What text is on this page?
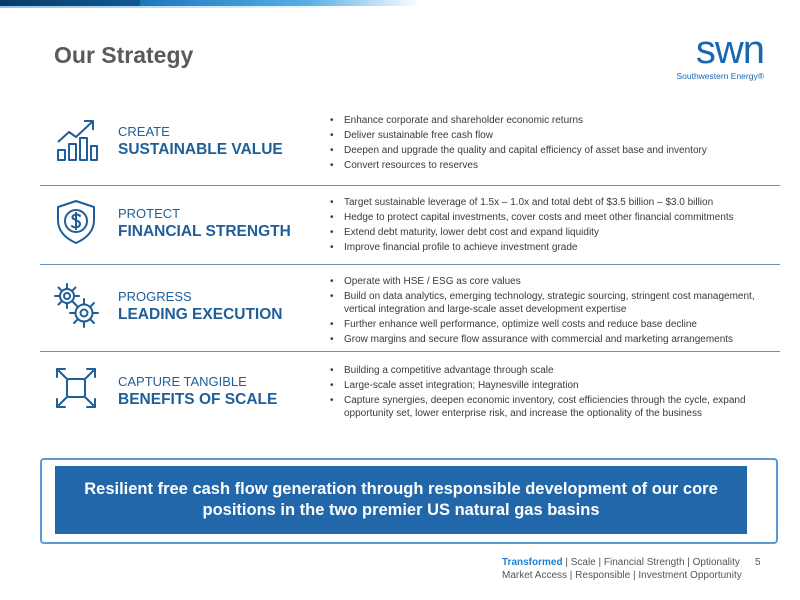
Our Strategy	swn
Southwestern Energy®
CREATE
SUSTAINABLE VALUE
• Enhance corporate and shareholder economic returns
• Deliver sustainable free cash flow
• Deepen and upgrade the quality and capital efficiency of asset base and inventory
• Convert resources to reserves
PROTECT
FINANCIAL STRENGTH
• Target sustainable leverage of 1.5x – 1.0x and total debt of $3.5 billion – $3.0 billion
• Hedge to protect capital investments, cover costs and meet other financial commitments
• Extend debt maturity, lower debt cost and expand liquidity
• Improve financial profile to achieve investment grade
PROGRESS
LEADING EXECUTION
• Operate with HSE / ESG as core values
• Build on data analytics, emerging technology, strategic sourcing, stringent cost management, vertical integration and large-scale asset development expertise
• Further enhance well performance, optimize well costs and reduce base decline
• Grow margins and secure flow assurance with commercial and marketing arrangements
CAPTURE TANGIBLE
BENEFITS OF SCALE
• Building a competitive advantage through scale
• Large-scale asset integration; Haynesville integration
• Capture synergies, deepen economic inventory, cost efficiencies through the cycle, expand opportunity set, lower enterprise risk, and increase the optionality of the business
Resilient free cash flow generation through responsible development of our core positions in the two premier US natural gas basins
Transformed | Scale | Financial Strength | Optionality
Market Access | Responsible | Investment Opportunity
5
